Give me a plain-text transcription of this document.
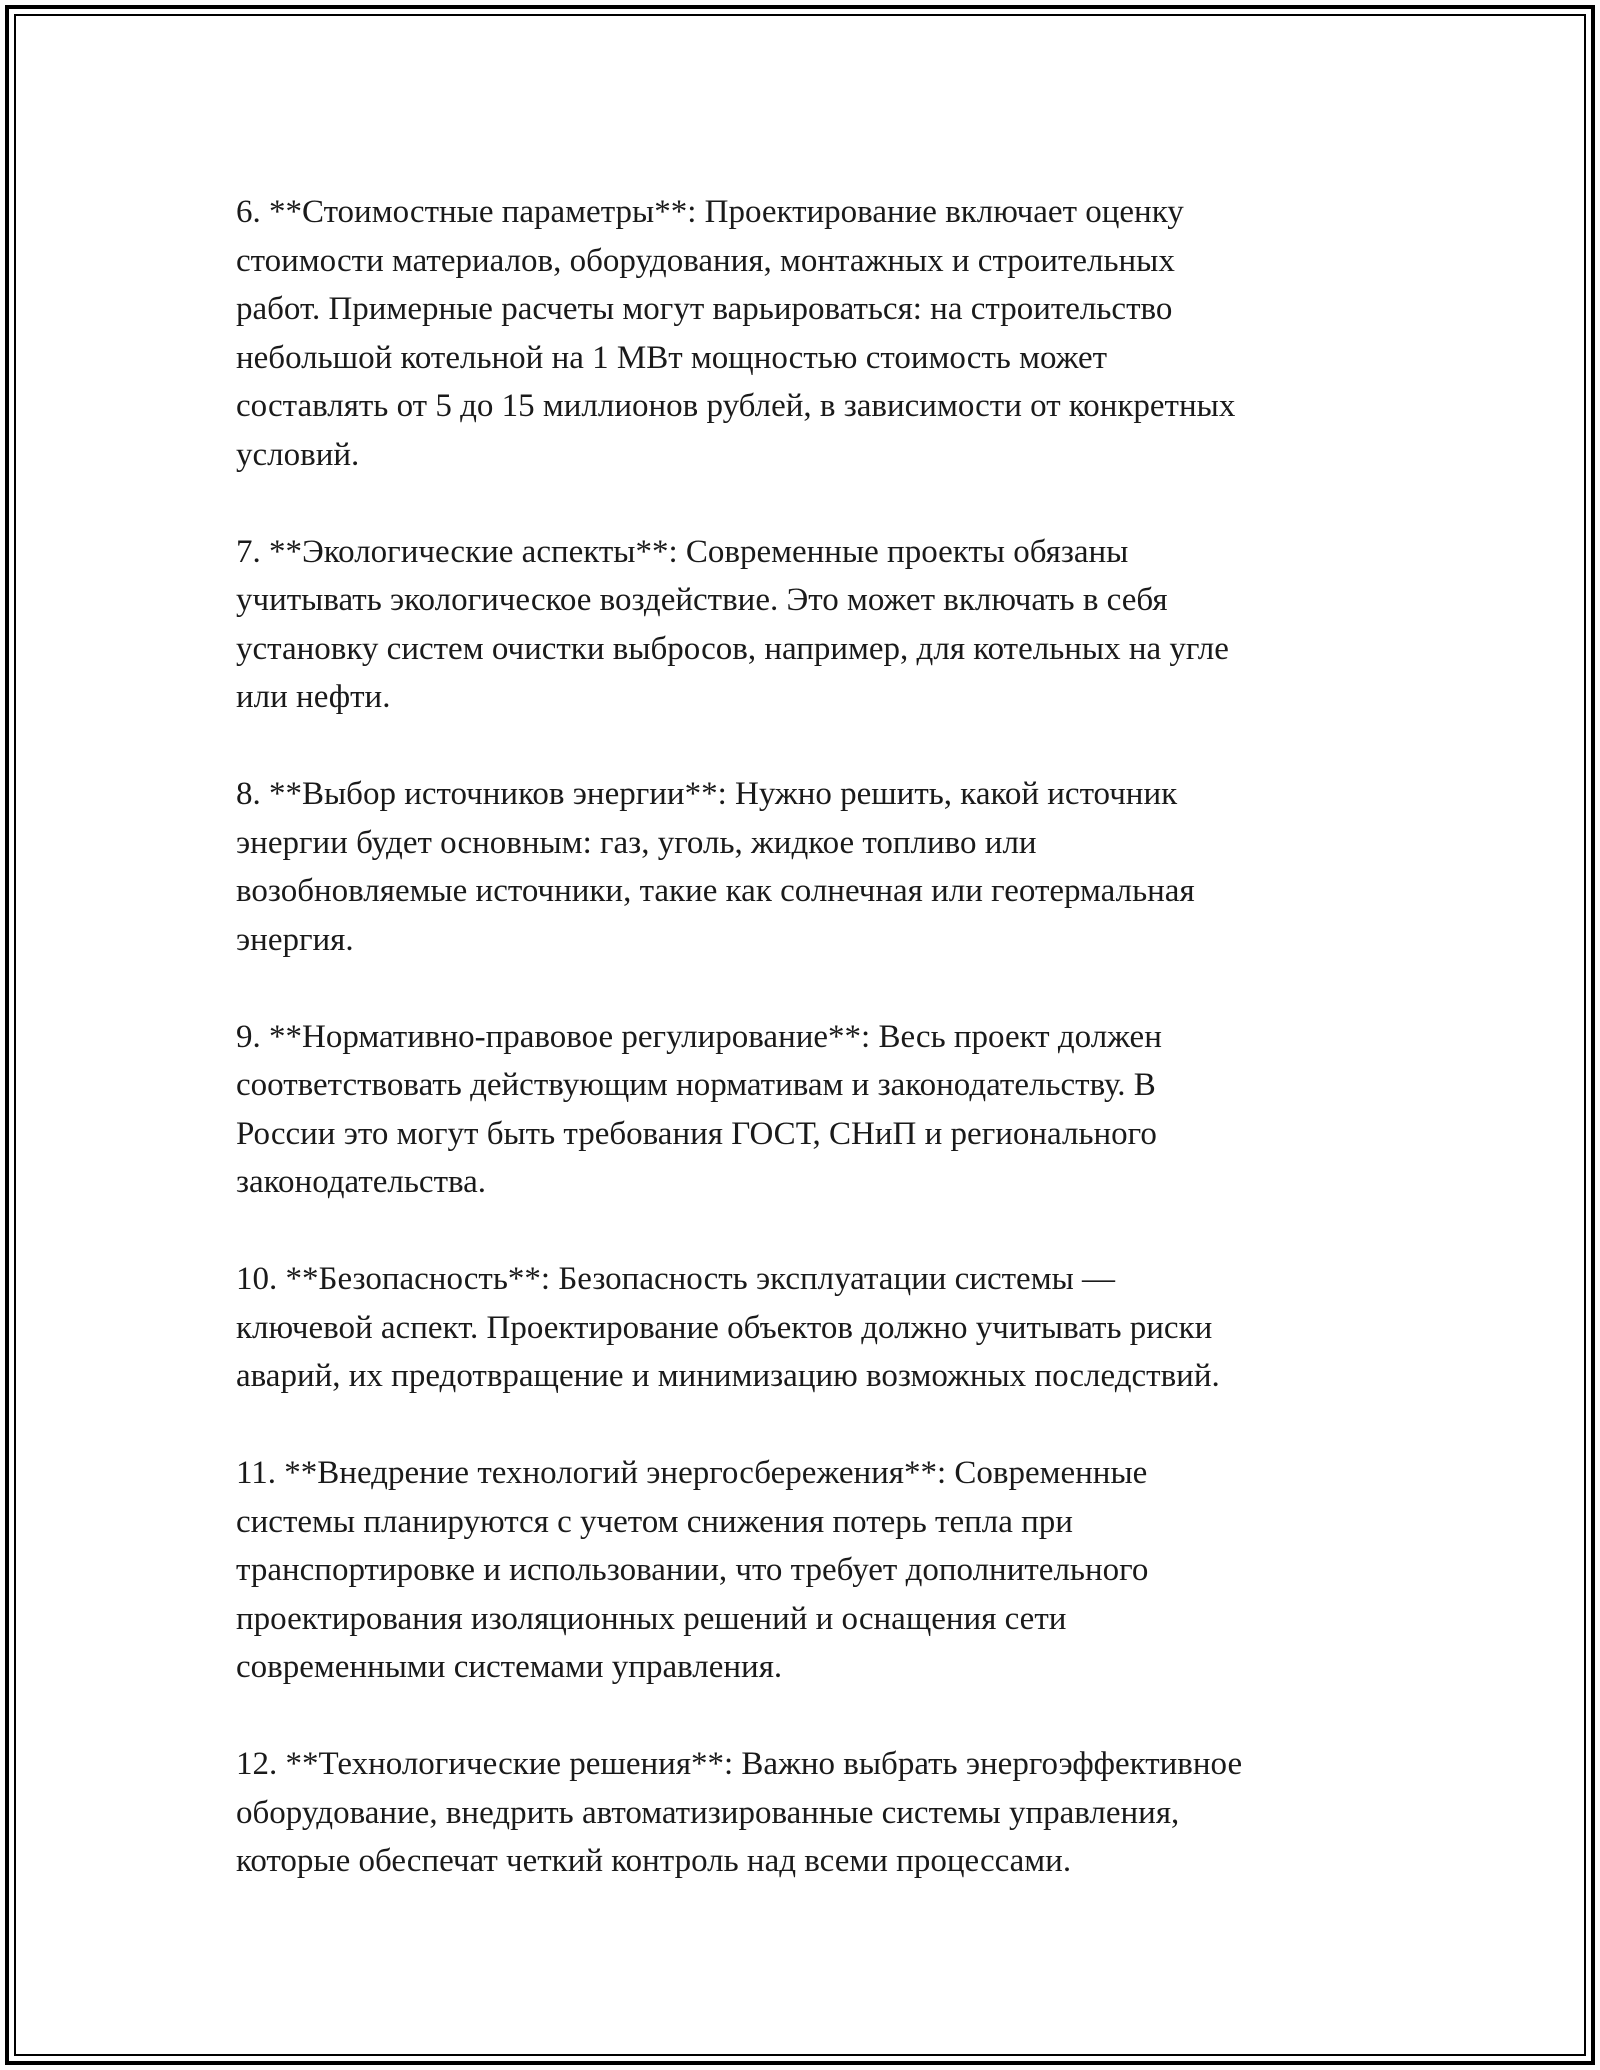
6. **Стоимостные параметры**: Проектирование включает оценку
стоимости материалов, оборудования, монтажных и строительных
работ. Примерные расчеты могут варьироваться: на строительство
небольшой котельной на 1 МВт мощностью стоимость может
составлять от 5 до 15 миллионов рублей, в зависимости от конкретных
условий.

7. **Экологические аспекты**: Современные проекты обязаны
учитывать экологическое воздействие. Это может включать в себя
установку систем очистки выбросов, например, для котельных на угле
или нефти.

8. **Выбор источников энергии**: Нужно решить, какой источник
энергии будет основным: газ, уголь, жидкое топливо или
возобновляемые источники, такие как солнечная или геотермальная
энергия.

9. **Нормативно-правовое регулирование**: Весь проект должен
соответствовать действующим нормативам и законодательству. В
России это могут быть требования ГОСТ, СНиП и регионального
законодательства.

10. **Безопасность**: Безопасность эксплуатации системы —
ключевой аспект. Проектирование объектов должно учитывать риски
аварий, их предотвращение и минимизацию возможных последствий.

11. **Внедрение технологий энергосбережения**: Современные
системы планируются с учетом снижения потерь тепла при
транспортировке и использовании, что требует дополнительного
проектирования изоляционных решений и оснащения сети
современными системами управления.

12. **Технологические решения**: Важно выбрать энергоэффективное
оборудование, внедрить автоматизированные системы управления,
которые обеспечат четкий контроль над всеми процессами.
